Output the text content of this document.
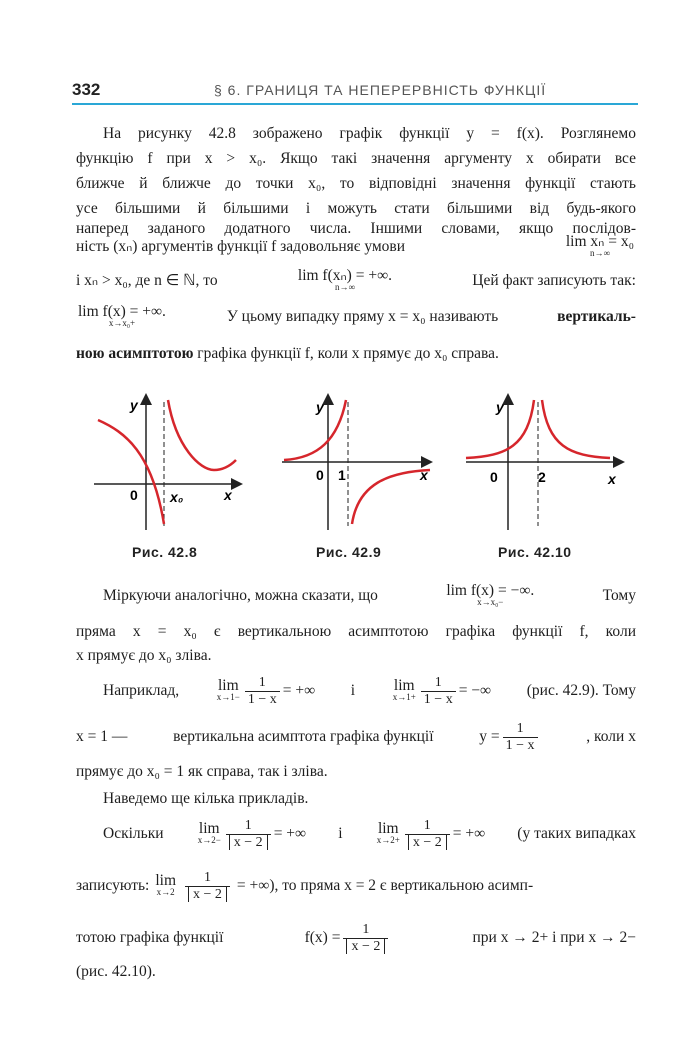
332	§ 6. ГРАНИЦЯ ТА НЕПЕРЕРВНІСТЬ ФУНКЦІЇ
На рисунку 42.8 зображено графік функції y = f(x). Розглянемо
функцію f при x > x₀. Якщо такі значення аргументу x обирати все
ближче й ближче до точки x₀, то відповідні значення функції стають
усе більшими й більшими і можуть стати більшими від будь-якого
наперед заданого додатного числа. Іншими словами, якщо послідов-
ність (xₙ) аргументів функції f задовольняє умови	lim xₙ = x₀
n→∞
і xₙ > x₀, де n ∈ ℕ, то	lim f(xₙ) = +∞.
n→∞	Цей факт записують так:
lim f(x) = +∞.
x→x₀+	У цьому випадку пряму x = x₀ називають	вертикаль-
ною асимптотою графіка функції f, коли x прямує до x₀ справа.
y
x
0 x₀
y
x
0 1
y
x
0	2
Рис. 42.8	Рис. 42.9	Рис. 42.10
Міркуючи аналогічно, можна сказати, що	lim f(x) = −∞.
x→x₀−	Тому
пряма x = x₀ є вертикальною асимптотою графіка функції f, коли
x прямує до x₀ зліва.
Наприклад,	lim
$x\to 1- \frac{1}{1 - x}$ = +∞ і	lim
$x\to 1+ \frac{1}{1 - x}$ = −∞ (рис. 42.9). Тому
x = 1 —	вертикальна асимптота графіка функції	$y = \frac{1}{1 - x}$	, коли x
прямує до x₀ = 1 як справа, так і зліва.
Наведемо ще кілька прикладів.
Оскільки lim
$x\to 2- \frac{1}{x - 2}$ = +∞ і lim
$x\to 2+ \frac{1}{x - 2}$ = +∞ (у таких випадках
записують: lim
$x\to 2 \frac{1}{x - 2}$ = +∞), то пряма x = 2 є вертикальною асимп-
тотою графіка функції	$f(x) = \frac{1}{x - 2}$	при x → 2+ і при x → 2−
(рис. 42.10).
